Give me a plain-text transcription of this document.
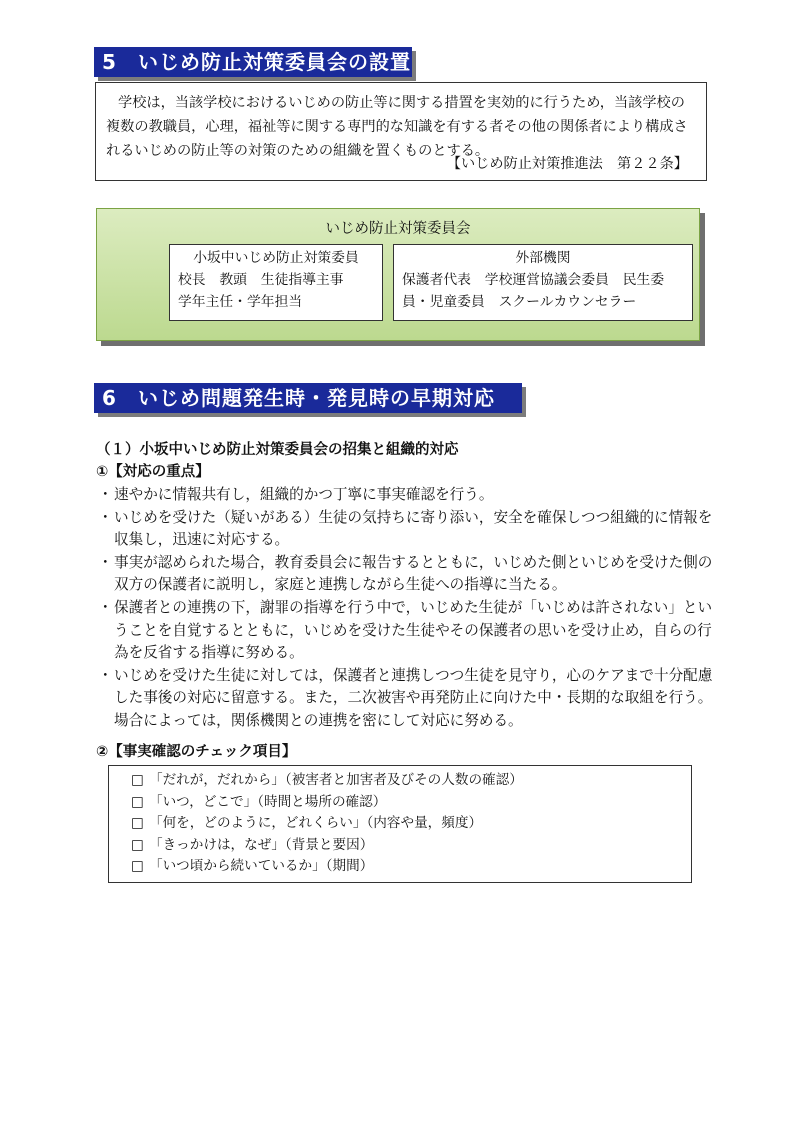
5 いじめ防止対策委員会の設置
学校は，当該学校におけるいじめの防止等に関する措置を実効的に行うため，当該学校の複数の教職員，心理，福祉等に関する専門的な知識を有する者その他の関係者により構成されるいじめの防止等の対策のための組織を置くものとする。
【いじめ防止対策推進法　第２２条】
いじめ防止対策委員会
小坂中いじめ防止対策委員
校長　教頭　生徒指導主事
学年主任・学年担当
外部機関
保護者代表　学校運営協議会委員　民生委
員・児童委員　スクールカウンセラー
6 いじめ問題発生時・発見時の早期対応
（１）小坂中いじめ防止対策委員会の招集と組織的対応
①【対応の重点】
・ 速やかに情報共有し，組織的かつ丁寧に事実確認を行う。
・ いじめを受けた（疑いがある）生徒の気持ちに寄り添い，安全を確保しつつ組織的に情報を収集し，迅速に対応する。
・ 事実が認められた場合，教育委員会に報告するとともに，いじめた側といじめを受けた側の双方の保護者に説明し，家庭と連携しながら生徒への指導に当たる。
・ 保護者との連携の下，謝罪の指導を行う中で，いじめた生徒が「いじめは許されない」ということを自覚するとともに，いじめを受けた生徒やその保護者の思いを受け止め，自らの行為を反省する指導に努める。
・ いじめを受けた生徒に対しては，保護者と連携しつつ生徒を見守り，心のケアまで十分配慮した事後の対応に留意する。また，二次被害や再発防止に向けた中・長期的な取組を行う。場合によっては，関係機関との連携を密にして対応に努める。
②【事実確認のチェック項目】
□ 「だれが，だれから」（被害者と加害者及びその人数の確認）
□ 「いつ，どこで」（時間と場所の確認）
□ 「何を，どのように，どれくらい」（内容や量，頻度）
□ 「きっかけは，なぜ」（背景と要因）
□ 「いつ頃から続いているか」（期間）
